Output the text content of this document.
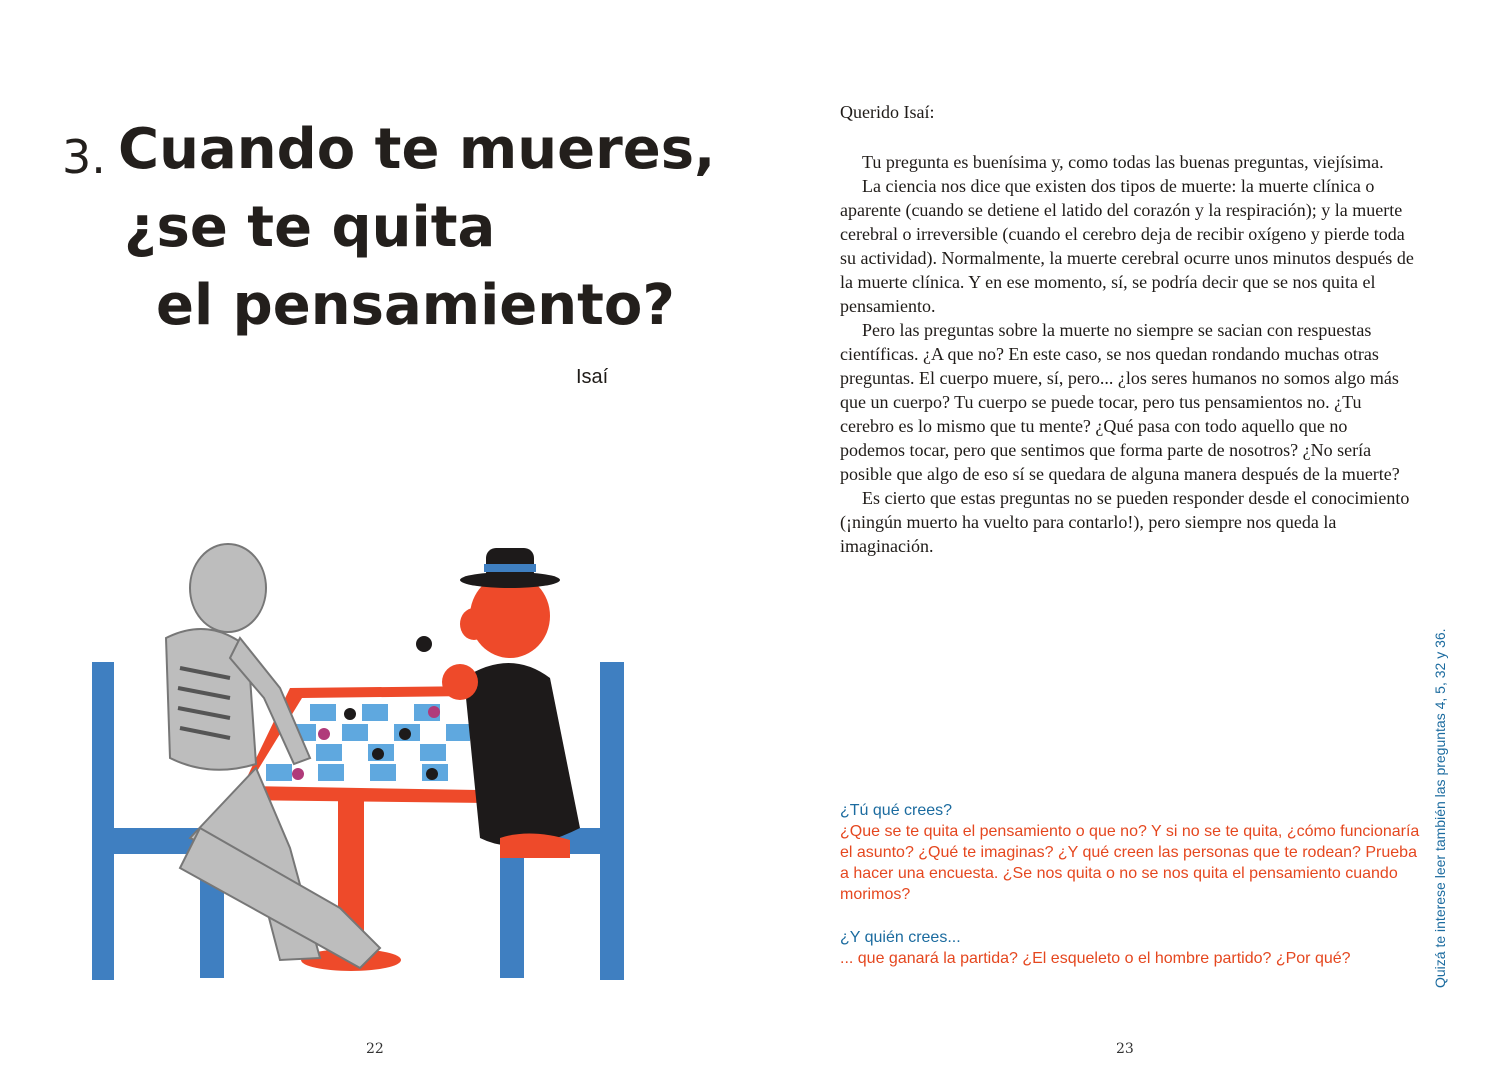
3. Cuando te mueres,
¿se te quita
el pensamiento?
Isaí
22

Querido Isaí:

Tu pregunta es buenísima y, como todas las buenas preguntas, viejísima.

La ciencia nos dice que existen dos tipos de muerte: la muerte clínica o aparente (cuando se detiene el latido del corazón y la respiración); y la muerte cerebral o irreversible (cuando el cerebro deja de recibir oxígeno y pierde toda su actividad). Normalmente, la muerte cerebral ocurre unos minutos después de la muerte clínica. Y en ese momento, sí, se podría decir que se nos quita el pensamiento.

Pero las preguntas sobre la muerte no siempre se sacian con respuestas científicas. ¿A que no? En este caso, se nos quedan rondando muchas otras preguntas. El cuerpo muere, sí, pero... ¿los seres humanos no somos algo más que un cuerpo? Tu cuerpo se puede tocar, pero tus pensamientos no. ¿Tu cerebro es lo mismo que tu mente? ¿Qué pasa con todo aquello que no podemos tocar, pero que sentimos que forma parte de nosotros? ¿No sería posible que algo de eso sí se quedara de alguna manera después de la muerte?

Es cierto que estas preguntas no se pueden responder desde el conocimiento (¡ningún muerto ha vuelto para contarlo!), pero siempre nos queda la imaginación.

¿Tú qué crees?

¿Que se te quita el pensamiento o que no? Y si no se te quita, ¿cómo funcionaría el asunto? ¿Qué te imaginas? ¿Y qué creen las personas que te rodean? Prueba a hacer una encuesta. ¿Se nos quita o no se nos quita el pensamiento cuando morimos?

¿Y quién crees...

... que ganará la partida? ¿El esqueleto o el hombre partido? ¿Por qué?	Quizá te interese leer también las preguntas 4, 5, 32 y 36.
23
